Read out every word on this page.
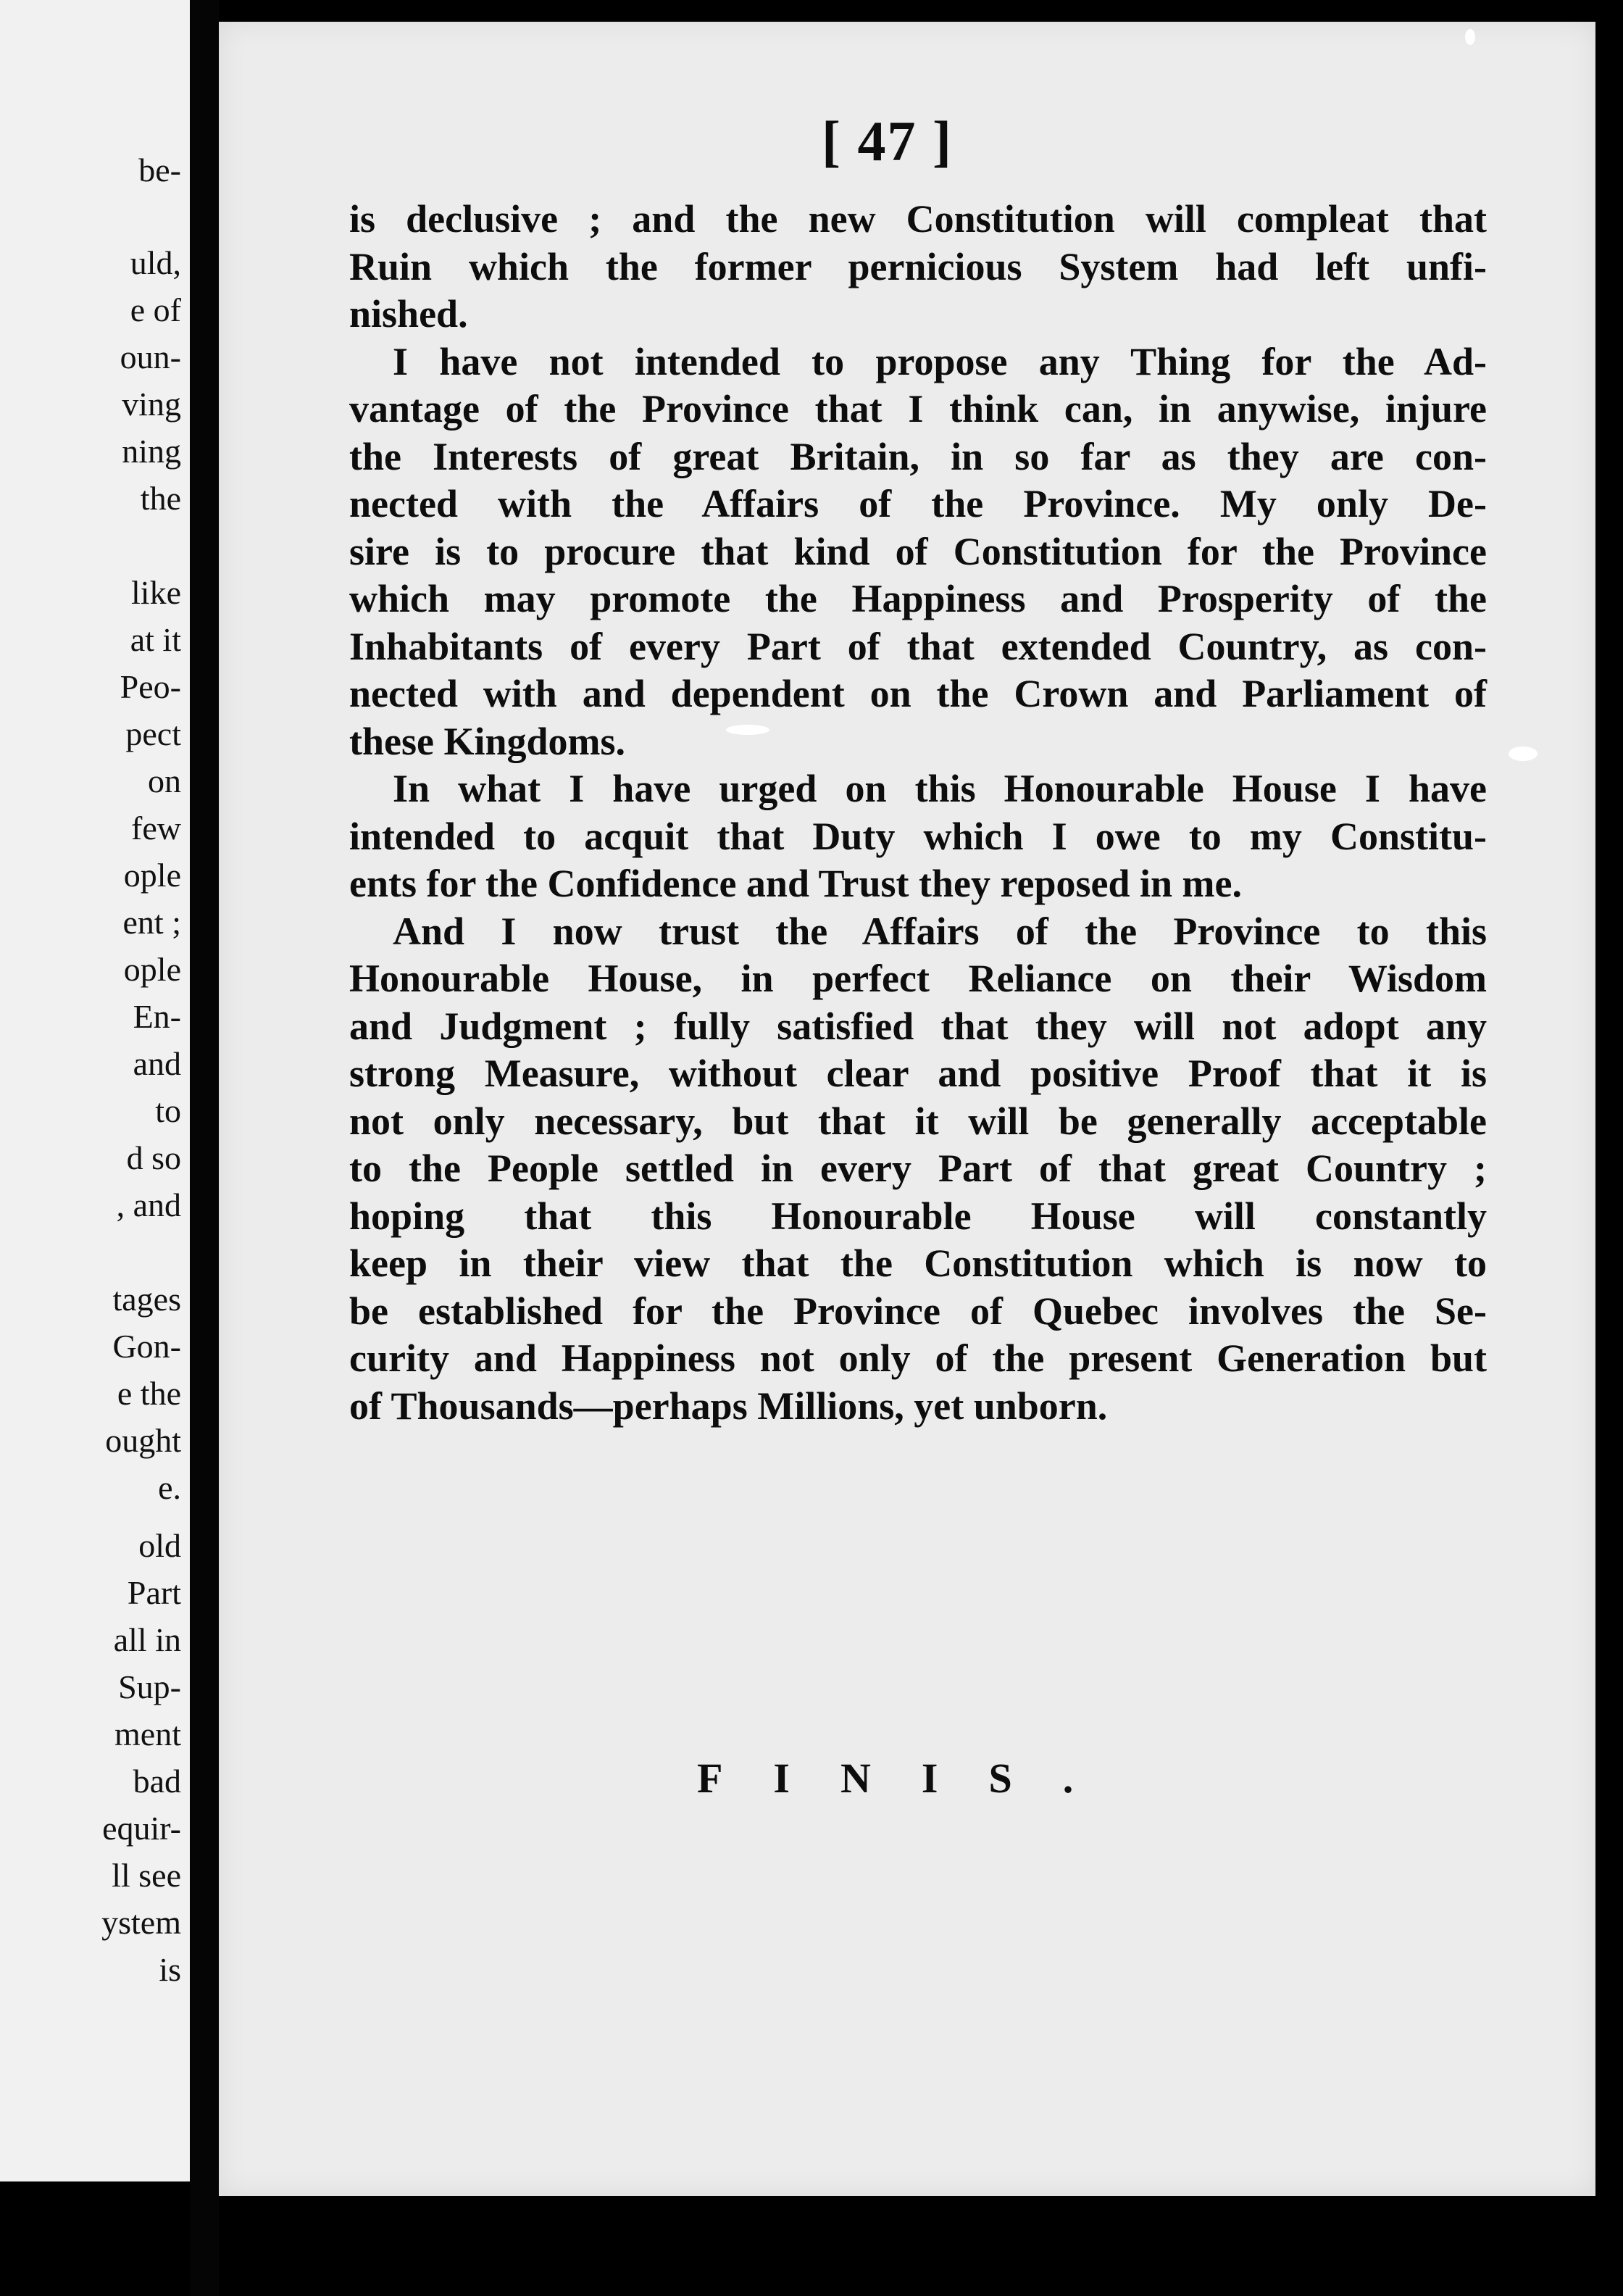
be-
uld,
e of
oun-
ving
ning
the
like
at it
Peo-
pect
on
few
ople
ent ;
ople
En-
and
to
d so
, and
tages
Gon-
e the
ought
e.
old
Part
all in
Sup-
ment
bad
equir-
ll see
ystem
is
[ 47 ]
is declusive ; and the new Constitution will compleat that
Ruin which the former pernicious System had left unfi-
nished.
I have not intended to propose any Thing for the Ad-
vantage of the Province that I think can, in anywise, injure
the Interests of great Britain, in so far as they are con-
nected with the Affairs of the Province. My only De-
sire is to procure that kind of Constitution for the Province
which may promote the Happiness and Prosperity of the
Inhabitants of every Part of that extended Country, as con-
nected with and dependent on the Crown and Parliament of
these Kingdoms.
In what I have urged on this Honourable House I have
intended to acquit that Duty which I owe to my Constitu-
ents for the Confidence and Trust they reposed in me.
And I now trust the Affairs of the Province to this
Honourable House, in perfect Reliance on their Wisdom
and Judgment ; fully satisfied that they will not adopt any
strong Measure, without clear and positive Proof that it is
not only necessary, but that it will be generally acceptable
to the People settled in every Part of that great Country ;
hoping that this Honourable House will constantly
keep in their view that the Constitution which is now to
be established for the Province of Quebec involves the Se-
curity and Happiness not only of the present Generation but
of Thousands—perhaps Millions, yet unborn.
FINIS.
